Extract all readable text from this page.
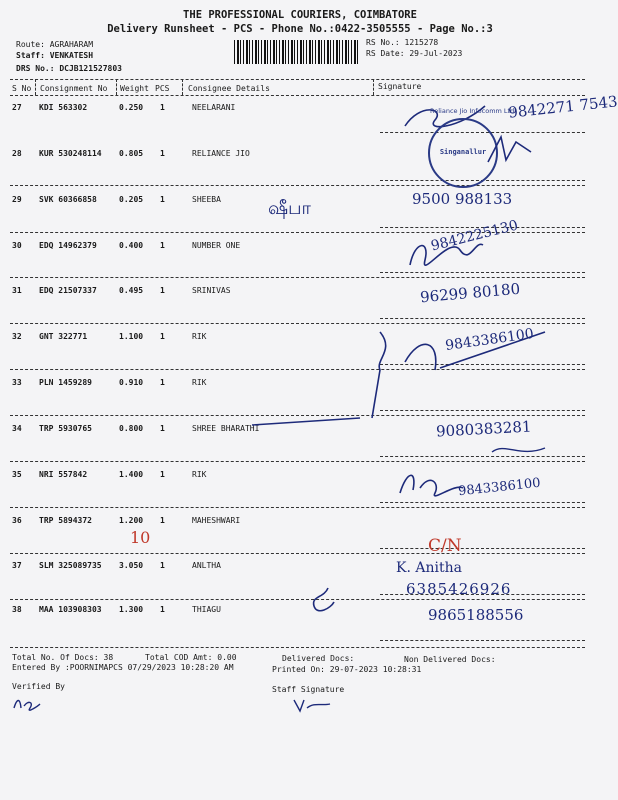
THE PROFESSIONAL COURIERS, COIMBATORE
Delivery Runsheet - PCS - Phone No.:0422-3505555 - Page No.:3
Route: AGRAHARAM
Staff: VENKATESH
DRS No.: DCJB121527803
RS No.: 1215278
RS Date: 29-Jul-2023
S No Consignment No Weight PCS Consignee Details	Signature
27 KDI 563302	0.250 1	NEELARANI
28 KUR 530248114 0.805 1	RELIANCE JIO
29 SVK 60366858	0.205 1	SHEEBA
30 EDQ 14962379	0.400 1	NUMBER ONE
31 EDQ 21507337	0.495 1	SRINIVAS
32 GNT 322771	1.100 1	RIK
33 PLN 1459289	0.910 1	RIK
34 TRP 5930765	0.800 1	SHREE BHARATHI
35 NRI 557842	1.400 1	RIK
36 TRP 5894372	1.200 1	MAHESHWARI
37 SLM 325089735 3.050 1	ANLTHA
38 MAA 103908303 1.300 1	THIAGU
9842271 7543
Singanallur
Reliance Jio Infocomm Ltd
ஷீபா	9500 988133
9842225130
96299 80180
9843386100
9080383281
9843386100
10	C/N
K. Anitha
6385426926
9865188556
Total No. Of Docs: 38	Total COD Amt: 0.00	Delivered Docs:	Non Delivered Docs:
Entered By :POORNIMAPCS 07/29/2023 10:28:20 AM	Printed On: 29-07-2023 10:28:31
Verified By	Staff Signature
